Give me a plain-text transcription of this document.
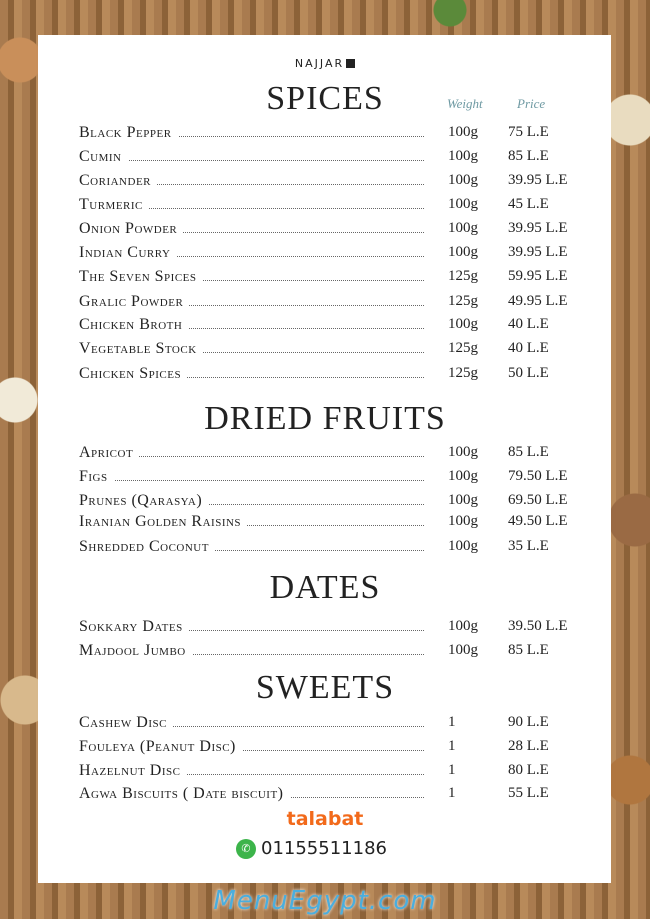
NAJJAR
Weight	Price
SPICES
Black Pepper	100g 75 L.E
Cumin	100g 85 L.E
Coriander	100g 39.95 L.E
Turmeric	100g 45 L.E
Onion Powder	100g 39.95 L.E
Indian Curry	100g 39.95 L.E
The Seven Spices	125g 59.95 L.E
Gralic Powder	125g 49.95 L.E
Chicken Broth	100g 40 L.E
Vegetable Stock	125g 40 L.E
Chicken Spices	125g 50 L.E
DRIED FRUITS
Apricot	100g 85 L.E
Figs	100g 79.50 L.E
Prunes (Qarasya)	100g 69.50 L.E
Iranian Golden Raisins	100g 49.50 L.E
Shredded Coconut	100g 35 L.E
DATES
Sokkary Dates	100g 39.50 L.E
Majdool Jumbo	100g 85 L.E
SWEETS
Cashew Disc	1	90 L.E
Fouleya (Peanut Disc)	1	28 L.E
Hazelnut Disc	1	80 L.E
Agwa Biscuits ( Date biscuit)	1	55 L.E
talabat
✆ 01155511186
MenuEgypt.com
